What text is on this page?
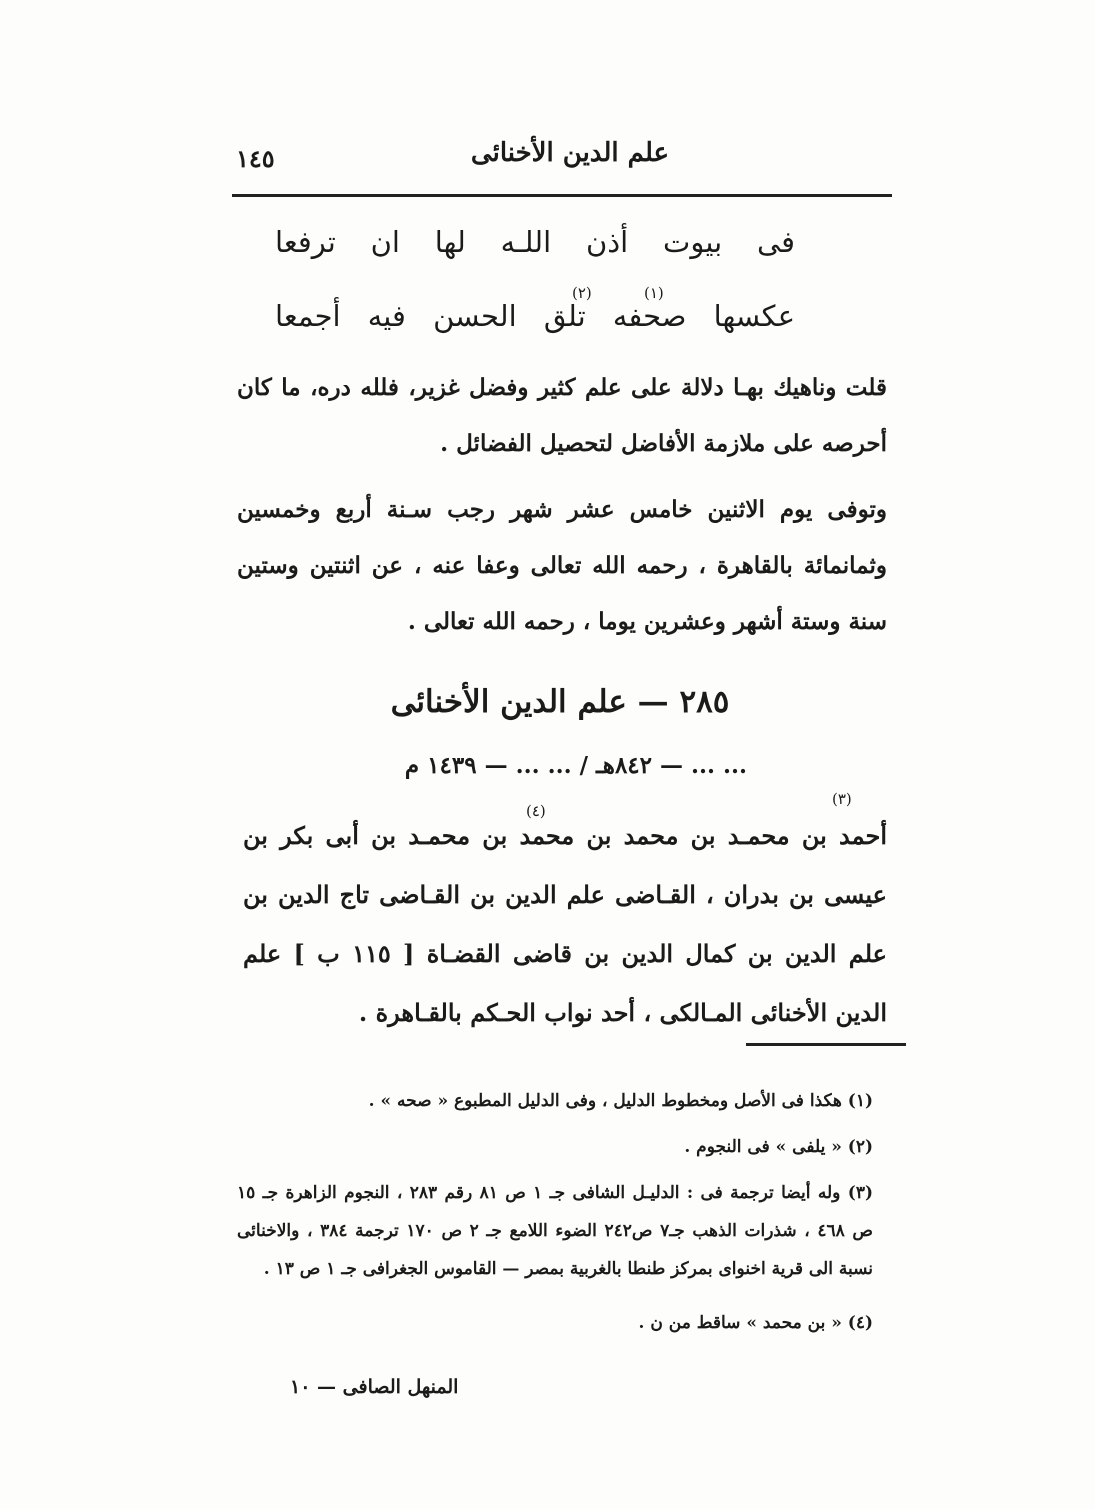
علم الدين الأخنائى
١٤٥
فى بيوت أذن اللـه لها ان ترفعا
(١)
(٢)
عكسها صحفه تلق الحسن فيه أجمعا
قلت وناهيك بهـا دلالة على علم كثير وفضل غزير، فلله دره، ما كان أحرصه على ملازمة الأفاضل لتحصيل الفضائل .
وتوفى يوم الاثنين خامس عشر شهر رجب سـنة أربع وخمسين وثمانمائة بالقاهرة ، رحمه الله تعالى وعفا عنه ، عن اثنتين وستين سنة وستة أشهر وعشرين يوما ، رحمه الله تعالى .
٢٨٥ — علم الدين الأخنائى
... ... — ٨٤٢هـ / ... ... — ١٤٣٩ م
(٣)
(٤)
أحمد بن محمـد بن محمد بن محمد بن محمـد بن أبى بكر بن عيسى بن بدران ، القـاضى علم الدين بن القـاضى تاج الدين بن علم الدين بن كمال الدين بن قاضى القضـاة [ ١١٥ ب ] علم الدين الأخنائى المـالكى ، أحد نواب الحـكم بالقـاهرة .
(١) هكذا فى الأصل ومخطوط الدليل ، وفى الدليل المطبوع « صحه » .
(٢) « يلفى » فى النجوم .
(٣) وله أيضا ترجمة فى : الدليـل الشافى جـ ١ ص ٨١ رقم ٢٨٣ ، النجوم الزاهرة جـ ١٥ ص ٤٦٨ ، شذرات الذهب جـ٧ ص٢٤٢ الضوء اللامع جـ ٢ ص ١٧٠ ترجمة ٣٨٤ ، والاخنائى نسبة الى قرية اخنواى بمركز طنطا بالغربية بمصر — القاموس الجغرافى جـ ١ ص ١٣ .
(٤) « بن محمد » ساقط من ن .
المنهل الصافى — ١٠
